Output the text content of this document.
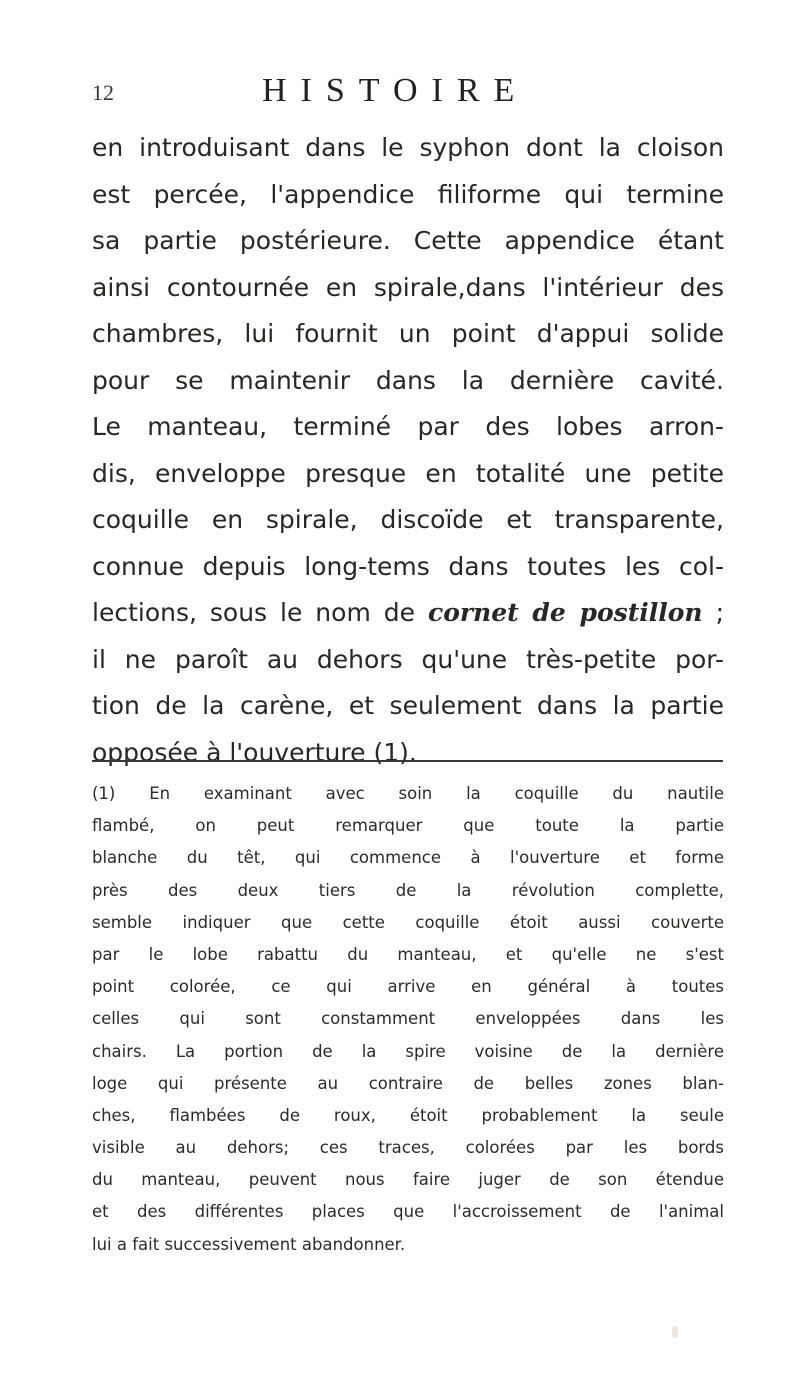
12	HISTOIRE
en introduisant dans le syphon dont la cloison
est percée, l'appendice filiforme qui termine
sa partie postérieure. Cette appendice étant
ainsi contournée en spirale,dans l'intérieur des
chambres, lui fournit un point d'appui solide
pour se maintenir dans la dernière cavité.
Le manteau, terminé par des lobes arron-
dis, enveloppe presque en totalité une petite
coquille en spirale, discoïde et transparente,
connue depuis long-tems dans toutes les col-
lections, sous le nom de cornet de postillon ;
il ne paroît au dehors qu'une très-petite por-
tion de la carène, et seulement dans la partie
opposée à l'ouverture (1).
(1) En examinant avec soin la coquille du nautile
flambé, on peut remarquer que toute la partie
blanche du têt, qui commence à l'ouverture et forme
près des deux tiers de la révolution complette,
semble indiquer que cette coquille étoit aussi couverte
par le lobe rabattu du manteau, et qu'elle ne s'est
point colorée, ce qui arrive en général à toutes
celles qui sont constamment enveloppées dans les
chairs. La portion de la spire voisine de la dernière
loge qui présente au contraire de belles zones blan-
ches, flambées de roux, étoit probablement la seule
visible au dehors; ces traces, colorées par les bords
du manteau, peuvent nous faire juger de son étendue
et des différentes places que l'accroissement de l'animal
lui a fait successivement abandonner.
